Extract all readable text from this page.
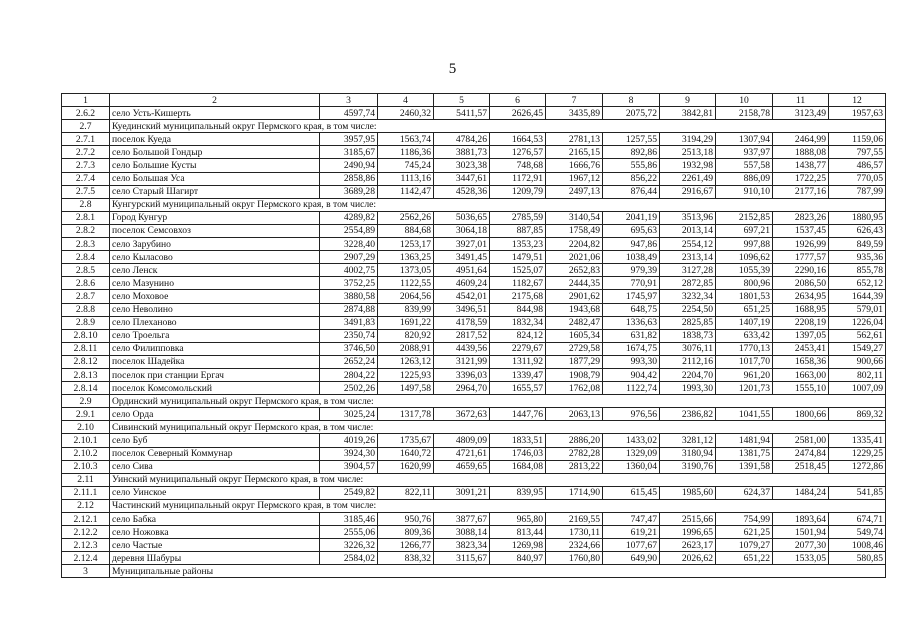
5
1	2	3	4	5	6	7	8	9	10	11	12
2.6.2	село Усть-Кишерть	4597,74	2460,32	5411,57	2626,45	3435,89	2075,72	3842,81	2158,78	3123,49	1957,63
2.7	Куединский муниципальный округ Пермского края, в том числе:										
2.7.1	поселок Куеда	3957,95	1563,74	4784,26	1664,53	2781,13	1257,55	3194,29	1307,94	2464,99	1159,06
2.7.2	село Большой Гондыр	3185,67	1186,36	3881,73	1276,57	2165,15	892,86	2513,18	937,97	1888,08	797,55
2.7.3	село Большие Кусты	2490,94	745,24	3023,38	748,68	1666,76	555,86	1932,98	557,58	1438,77	486,57
2.7.4	село Большая Уса	2858,86	1113,16	3447,61	1172,91	1967,12	856,22	2261,49	886,09	1722,25	770,05
2.7.5	село Старый Шагирт	3689,28	1142,47	4528,36	1209,79	2497,13	876,44	2916,67	910,10	2177,16	787,99
2.8	Кунгурский муниципальный округ Пермского края, в том числе:										
2.8.1	Город Кунгур	4289,82	2562,26	5036,65	2785,59	3140,54	2041,19	3513,96	2152,85	2823,26	1880,95
2.8.2	поселок Семсовхоз	2554,89	884,68	3064,18	887,85	1758,49	695,63	2013,14	697,21	1537,45	626,43
2.8.3	село Зарубино	3228,40	1253,17	3927,01	1353,23	2204,82	947,86	2554,12	997,88	1926,99	849,59
2.8.4	село Кыласово	2907,29	1363,25	3491,45	1479,51	2021,06	1038,49	2313,14	1096,62	1777,57	935,36
2.8.5	село Ленск	4002,75	1373,05	4951,64	1525,07	2652,83	979,39	3127,28	1055,39	2290,16	855,78
2.8.6	село Мазунино	3752,25	1122,55	4609,24	1182,67	2444,35	770,91	2872,85	800,96	2086,50	652,12
2.8.7	село Моховое	3880,58	2064,56	4542,01	2175,68	2901,62	1745,97	3232,34	1801,53	2634,95	1644,39
2.8.8	село Неволино	2874,88	839,99	3496,51	844,98	1943,68	648,75	2254,50	651,25	1688,95	579,01
2.8.9	село Плеханово	3491,83	1691,22	4178,59	1832,34	2482,47	1336,63	2825,85	1407,19	2208,19	1226,04
2.8.10	село Троельга	2350,74	820,92	2817,52	824,12	1605,34	631,82	1838,73	633,42	1397,05	562,61
2.8.11	село Филипповка	3746,50	2088,91	4439,56	2279,67	2729,58	1674,75	3076,11	1770,13	2453,41	1549,27
2.8.12	поселок Шадейка	2652,24	1263,12	3121,99	1311,92	1877,29	993,30	2112,16	1017,70	1658,36	900,66
2.8.13	поселок при станции Ергач	2804,22	1225,93	3396,03	1339,47	1908,79	904,42	2204,70	961,20	1663,00	802,11
2.8.14	поселок Комсомольский	2502,26	1497,58	2964,70	1655,57	1762,08	1122,74	1993,30	1201,73	1555,10	1007,09
2.9	Ординский муниципальный округ Пермского края, в том числе:										
2.9.1	село Орда	3025,24	1317,78	3672,63	1447,76	2063,13	976,56	2386,82	1041,55	1800,66	869,32
2.10	Сивинский муниципальный округ Пермского края, в том числе:										
2.10.1	село Буб	4019,26	1735,67	4809,09	1833,51	2886,20	1433,02	3281,12	1481,94	2581,00	1335,41
2.10.2	поселок Северный Коммунар	3924,30	1640,72	4721,61	1746,03	2782,28	1329,09	3180,94	1381,75	2474,84	1229,25
2.10.3	село Сива	3904,57	1620,99	4659,65	1684,08	2813,22	1360,04	3190,76	1391,58	2518,45	1272,86
2.11	Уинский муниципальный округ Пермского края, в том числе:										
2.11.1	село Уинское	2549,82	822,11	3091,21	839,95	1714,90	615,45	1985,60	624,37	1484,24	541,85
2.12	Частинский муниципальный округ Пермского края, в том числе:										
2.12.1	село Бабка	3185,46	950,76	3877,67	965,80	2169,55	747,47	2515,66	754,99	1893,64	674,71
2.12.2	село Ножовка	2555,06	809,36	3088,14	813,44	1730,11	619,21	1996,65	621,25	1501,94	549,74
2.12.3	село Частые	3226,32	1266,77	3823,34	1269,98	2324,66	1077,67	2623,17	1079,27	2077,30	1008,46
2.12.4	деревня Шабуры	2584,02	838,32	3115,67	840,97	1760,80	649,90	2026,62	651,22	1533,05	580,85
3	Муниципальные районы										
